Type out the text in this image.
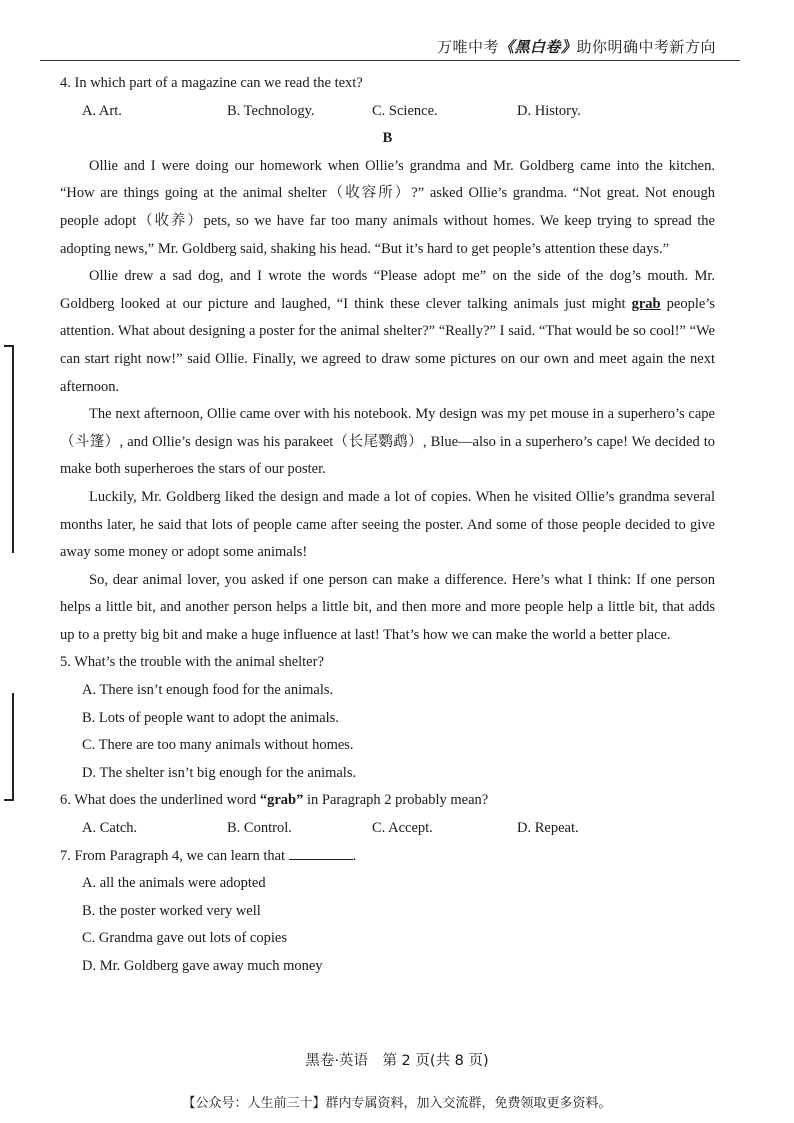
万唯中考《黑白卷》助你明确中考新方向
4. In which part of a magazine can we read the text?
A. Art.	B. Technology.	C. Science.	D. History.
B

Ollie and I were doing our homework when Ollie’s grandma and Mr. Goldberg came into the kitchen. “How are things going at the animal shelter（收容所）?” asked Ollie’s grandma. “Not great. Not enough people adopt（收养）pets, so we have far too many animals without homes. We keep trying to spread the adopting news,” Mr. Goldberg said, shaking his head. “But it’s hard to get people’s attention these days.”

Ollie drew a sad dog, and I wrote the words “Please adopt me” on the side of the dog’s mouth. Mr. Goldberg looked at our picture and laughed, “I think these clever talking animals just might grab people’s attention. What about designing a poster for the animal shelter?” “Really?” I said. “That would be so cool!” “We can start right now!” said Ollie. Finally, we agreed to draw some pictures on our own and meet again the next afternoon.

The next afternoon, Ollie came over with his notebook. My design was my pet mouse in a superhero’s cape（斗篷）, and Ollie’s design was his parakeet（长尾鹦鹉）, Blue—also in a superhero’s cape! We decided to make both superheroes the stars of our poster.

Luckily, Mr. Goldberg liked the design and made a lot of copies. When he visited Ollie’s grandma several months later, he said that lots of people came after seeing the poster. And some of those people decided to give away some money or adopt some animals!

So, dear animal lover, you asked if one person can make a difference. Here’s what I think: If one person helps a little bit, and another person helps a little bit, and then more and more people help a little bit, that adds up to a pretty big bit and make a huge influence at last! That’s how we can make the world a better place.

5. What’s the trouble with the animal shelter?
A. There isn’t enough food for the animals.
B. Lots of people want to adopt the animals.
C. There are too many animals without homes.
D. The shelter isn’t big enough for the animals.
6. What does the underlined word “grab” in Paragraph 2 probably mean?
A. Catch.	B. Control.	C. Accept.	D. Repeat.
7. From Paragraph 4, we can learn that	.
A. all the animals were adopted
B. the poster worked very well
C. Grandma gave out lots of copies
D. Mr. Goldberg gave away much money
黑卷·英语　第 2 页(共 8 页)
【公众号：人生前三十】群内专属资料，加入交流群，免费领取更多资料。
